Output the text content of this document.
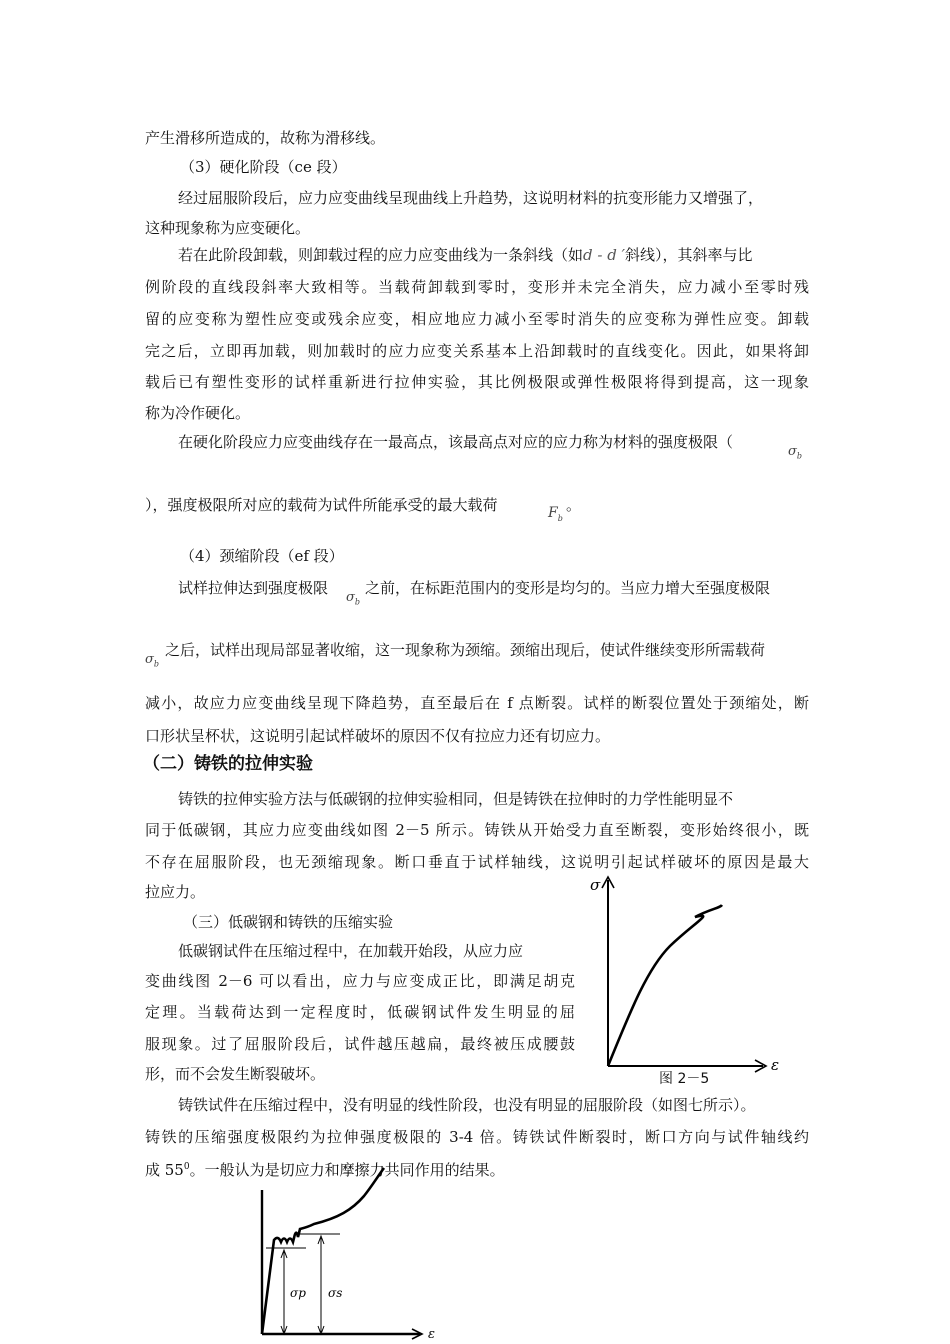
产生滑移所造成的，故称为滑移线。
（3）硬化阶段（ce 段）
经过屈服阶段后，应力应变曲线呈现曲线上升趋势，这说明材料的抗变形能力又增强了，
这种现象称为应变硬化。
若在此阶段卸载，则卸载过程的应力应变曲线为一条斜线（如d - d ′斜线），其斜率与比
例阶段的直线段斜率大致相等。当载荷卸载到零时，变形并未完全消失，应力减小至零时残
留的应变称为塑性应变或残余应变，相应地应力减小至零时消失的应变称为弹性应变。卸载
完之后，立即再加载，则加载时的应力应变关系基本上沿卸载时的直线变化。因此，如果将卸
载后已有塑性变形的试样重新进行拉伸实验，其比例极限或弹性极限将得到提高，这一现象
称为冷作硬化。
在硬化阶段应力应变曲线存在一最高点，该最高点对应的应力称为材料的强度极限（
$\sigma_b$
），强度极限所对应的载荷为试件所能承受的最大载荷	$F_b$
。
（4）颈缩阶段（ef 段）
试样拉伸达到强度极限
$\sigma_b$
之前，在标距范围内的变形是均匀的。当应力增大至强度极限
$\sigma_b$
之后，试样出现局部显著收缩，这一现象称为颈缩。颈缩出现后，使试件继续变形所需载荷
减小，故应力应变曲线呈现下降趋势，直至最后在 f 点断裂。试样的断裂位置处于颈缩处，断
口形状呈杯状，这说明引起试样破坏的原因不仅有拉应力还有切应力。
（二）铸铁的拉伸实验
铸铁的拉伸实验方法与低碳钢的拉伸实验相同，但是铸铁在拉伸时的力学性能明显不
同于低碳钢，其应力应变曲线如图 2－5 所示。铸铁从开始受力直至断裂，变形始终很小，既
不存在屈服阶段，也无颈缩现象。断口垂直于试样轴线，这说明引起试样破坏的原因是最大
拉应力。
（三）低碳钢和铸铁的压缩实验
低碳钢试件在压缩过程中，在加载开始段，从应力应
变曲线图 2－6 可以看出，应力与应变成正比，即满足胡克
定理。当载荷达到一定程度时，低碳钢试件发生明显的屈
服现象。过了屈服阶段后，试件越压越扁，最终被压成腰鼓
形，而不会发生断裂破坏。
铸铁试件在压缩过程中，没有明显的线性阶段，也没有明显的屈服阶段（如图七所示）。
铸铁的压缩强度极限约为拉伸强度极限的 3-4 倍。铸铁试件断裂时，断口方向与试件轴线约
成 $55^0$。一般认为是切应力和摩擦力共同作用的结果。
σ
ε
图 2－5
σp σs
ε
